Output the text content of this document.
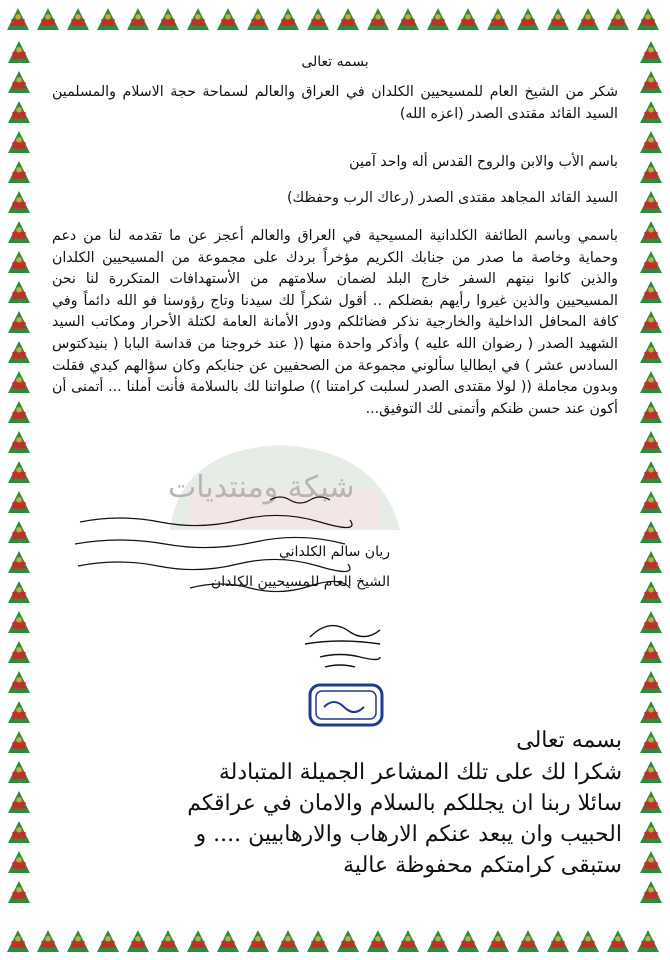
شبكة ومنتديات
بسمه تعالى
شكر من الشيخ العام للمسيحيين الكلدان في العراق والعالم لسماحة حجة الاسلام والمسلمين السيد القائد مقتدى الصدر (اعزه الله)
باسم الأب والابن والروح القدس أله واحد آمين
السيد القائد المجاهد مقتدى الصدر (رعاك الرب وحفظك)
باسمي وباسم الطائفة الكلدانية المسيحية في العراق والعالم أعجز عن ما تقدمه لنا من دعم وحماية وخاصة ما صدر من جنابك الكريم مؤخراً بردك على مجموعة من المسيحيين الكلدان والذين كانوا نيتهم السفر خارج البلد لضمان سلامتهم من الأستهدافات المتكررة لنا نحن المسيحيين والذين غيروا رأيهم بفضلكم .. أقول شكراً لك سيدنا وتاج رؤوسنا فو الله دائماً وفي كافة المحافل الداخلية والخارجية نذكر فضائلكم ودور الأمانة العامة لكتلة الأحرار ومكاتب السيد الشهيد الصدر ( رضوان الله عليه ) وأذكر واحدة منها (( عند خروجنا من قداسة البابا ( بنيدكتوس السادس عشر ) في ايطاليا سألوني مجموعة من الصحفيين عن جنابكم وكان سؤالهم كيدي فقلت وبدون مجاملة (( لولا مقتدى الصدر لسلبت كرامتنا )) صلواتنا لك بالسلامة فأنت أملنا ... أتمنى أن أكون عند حسن ظنكم وأتمنى لك التوفيق...
ريان سالم الكلداني
الشيخ العام للمسيحيين الكلدان
بسمه تعالى
شكرا لك على تلك المشاعر الجميلة المتبادلة
سائلا ربنا ان يجللكم بالسلام والامان في عراقكم
الحبيب وان يبعد عنكم الارهاب والارهابيين .... و
ستبقى كرامتكم محفوظة عالية
